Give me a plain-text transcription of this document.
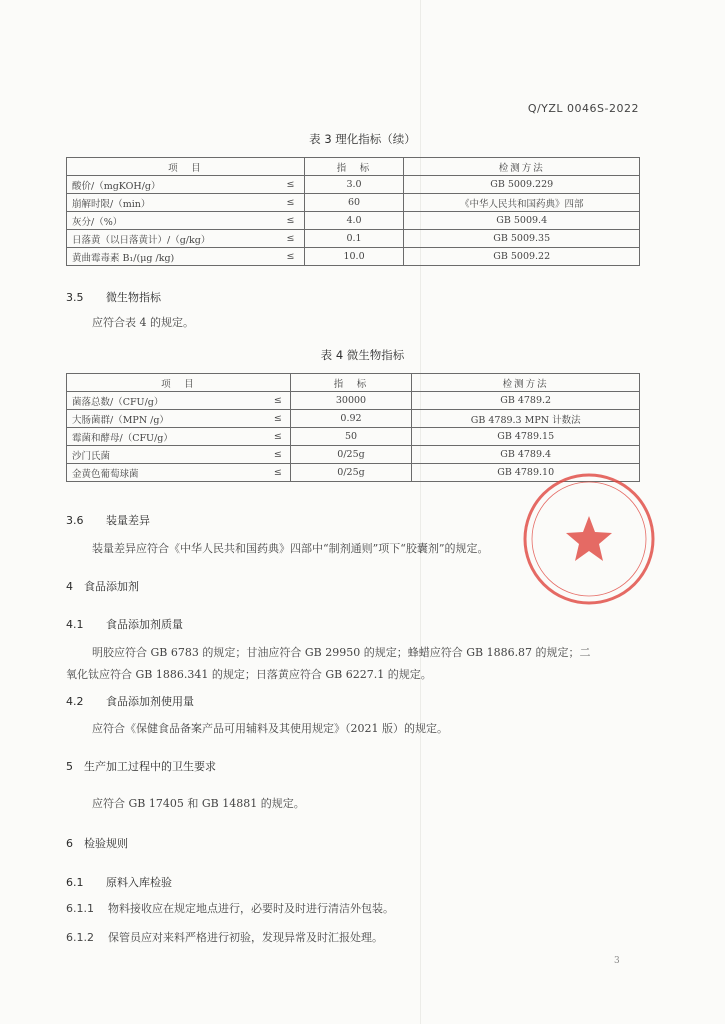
Q/YZL 0046S-2022
表 3 理化指标（续）
项　目		指　标	检测方法
酸价/（mgKOH/g）	≤	3.0	GB 5009.229
崩解时限/（min）	≤	60	《中华人民共和国药典》四部
灰分/（%）	≤	4.0	GB 5009.4
日落黄（以日落黄计）/（g/kg）	≤	0.1	GB 5009.35
黄曲霉毒素 B₁/(μg /kg)	≤	10.0	GB 5009.22
3.5 微生物指标
应符合表 4 的规定。
表 4 微生物指标
项　目		指　标	检测方法
菌落总数/（CFU/g）	≤	30000	GB 4789.2
大肠菌群/（MPN /g）	≤	0.92	GB 4789.3 MPN 计数法
霉菌和酵母/（CFU/g）	≤	50	GB 4789.15
沙门氏菌	≤	0/25g	GB 4789.4
金黄色葡萄球菌	≤	0/25g	GB 4789.10
3.6 装量差异
装量差异应符合《中华人民共和国药典》四部中“制剂通则”项下“胶囊剂”的规定。
4 食品添加剂
4.1 食品添加剂质量
明胶应符合 GB 6783 的规定；甘油应符合 GB 29950 的规定；蜂蜡应符合 GB 1886.87 的规定；二
氧化钛应符合 GB 1886.341 的规定；日落黄应符合 GB 6227.1 的规定。
4.2 食品添加剂使用量
应符合《保健食品备案产品可用辅料及其使用规定》（2021 版）的规定。
5 生产加工过程中的卫生要求
应符合 GB 17405 和 GB 14881 的规定。
6 检验规则
6.1 原料入库检验
6.1.1 物料接收应在规定地点进行，必要时及时进行清洁外包装。
6.1.2 保管员应对来料严格进行初验，发现异常及时汇报处理。
3
